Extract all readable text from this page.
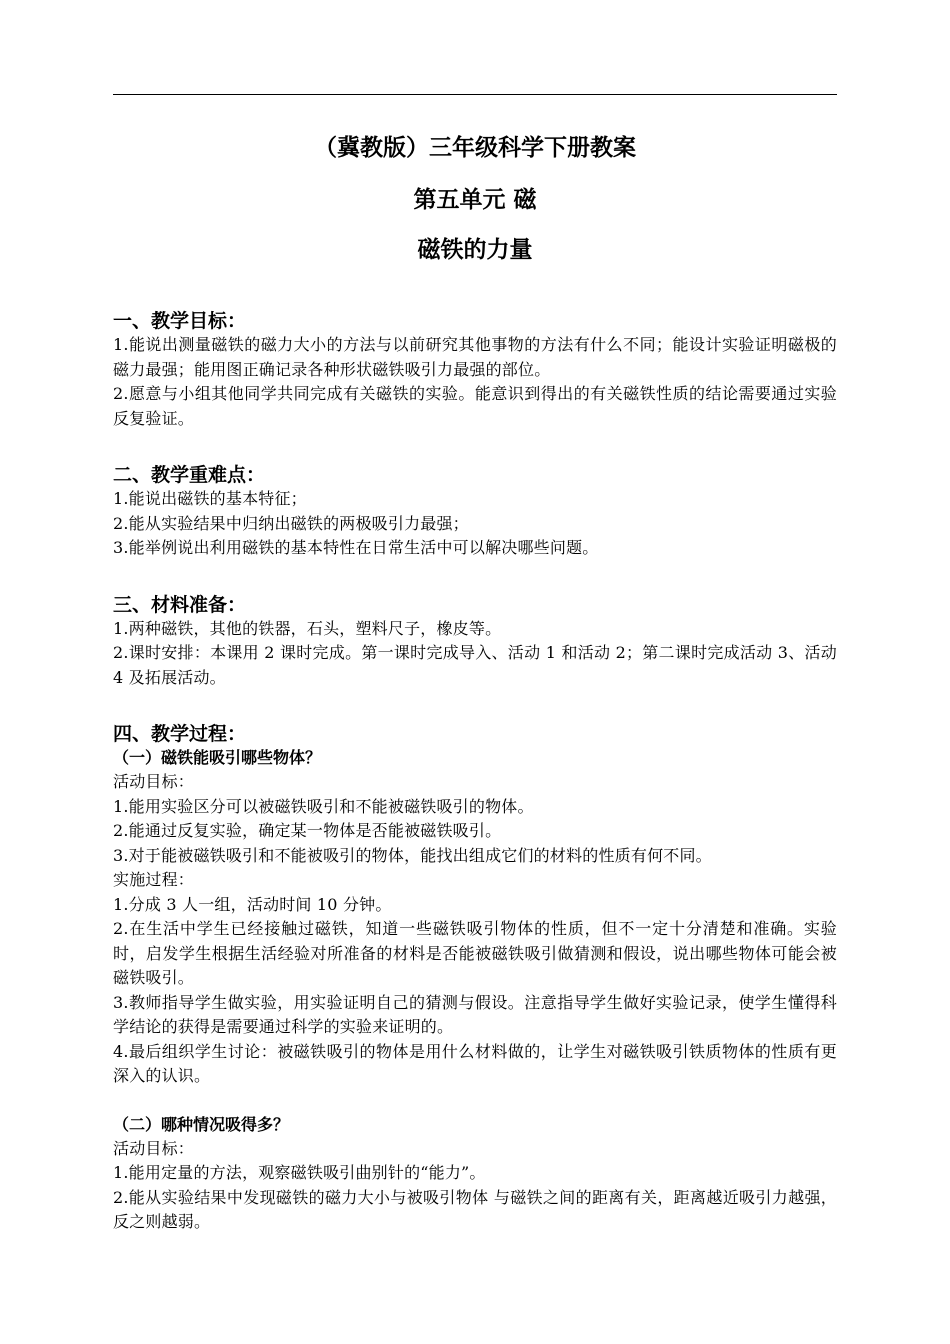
（冀教版）三年级科学下册教案
第五单元 磁
磁铁的力量
一、教学目标：

1.能说出测量磁铁的磁力大小的方法与以前研究其他事物的方法有什么不同；能设计实验证明磁极的磁力最强；能用图正确记录各种形状磁铁吸引力最强的部位。

2.愿意与小组其他同学共同完成有关磁铁的实验。能意识到得出的有关磁铁性质的结论需要通过实验反复验证。

二、教学重难点：

1.能说出磁铁的基本特征；

2.能从实验结果中归纳出磁铁的两极吸引力最强；

3.能举例说出利用磁铁的基本特性在日常生活中可以解决哪些问题。

三、材料准备：

1.两种磁铁，其他的铁器，石头，塑料尺子，橡皮等。

2.课时安排：本课用 2 课时完成。第一课时完成导入、活动 1 和活动 2；第二课时完成活动 3、活动 4 及拓展活动。

四、教学过程：
（一）磁铁能吸引哪些物体？

活动目标：

1.能用实验区分可以被磁铁吸引和不能被磁铁吸引的物体。

2.能通过反复实验，确定某一物体是否能被磁铁吸引。

3.对于能被磁铁吸引和不能被吸引的物体，能找出组成它们的材料的性质有何不同。

实施过程：

1.分成 3 人一组，活动时间 10 分钟。

2.在生活中学生已经接触过磁铁，知道一些磁铁吸引物体的性质，但不一定十分清楚和准确。实验时，启发学生根据生活经验对所准备的材料是否能被磁铁吸引做猜测和假设，说出哪些物体可能会被磁铁吸引。

3.教师指导学生做实验，用实验证明自己的猜测与假设。注意指导学生做好实验记录，使学生懂得科学结论的获得是需要通过科学的实验来证明的。

4.最后组织学生讨论：被磁铁吸引的物体是用什么材料做的，让学生对磁铁吸引铁质物体的性质有更深入的认识。

（二）哪种情况吸得多？

活动目标：

1.能用定量的方法，观察磁铁吸引曲别针的“能力”。

2.能从实验结果中发现磁铁的磁力大小与被吸引物体 与磁铁之间的距离有关，距离越近吸引力越强，反之则越弱。
